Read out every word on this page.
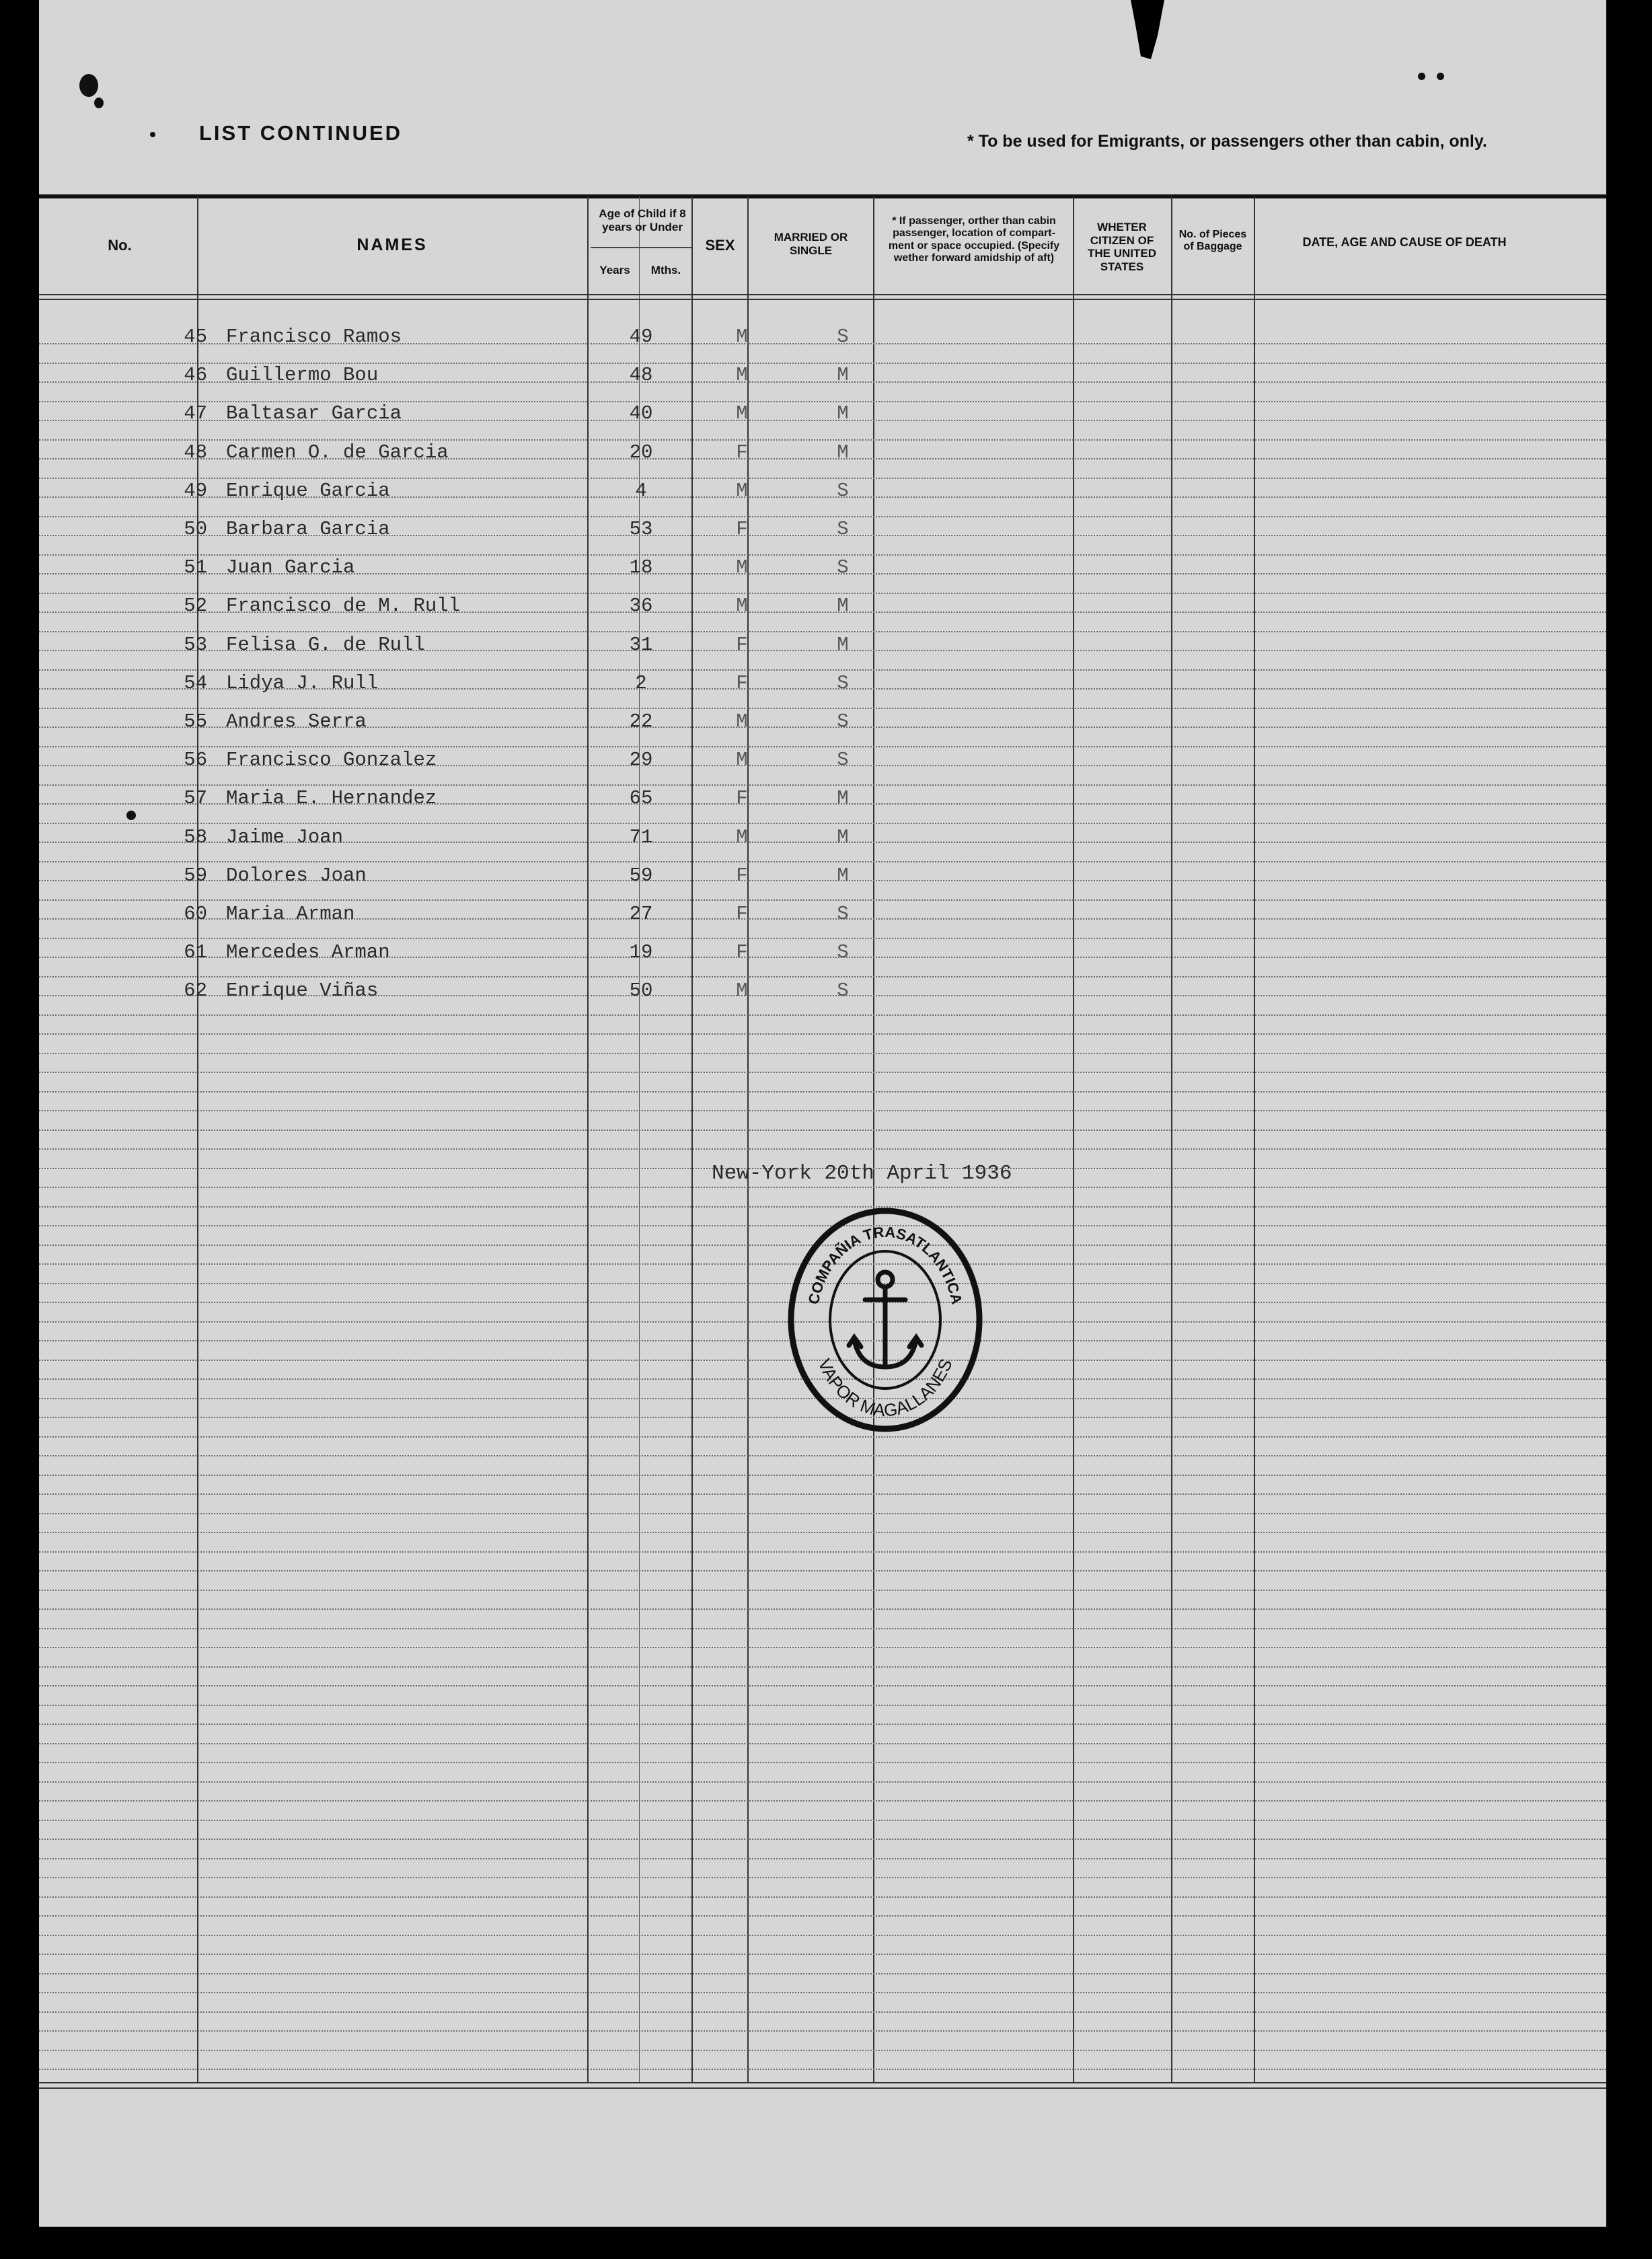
LIST CONTINUED	* To be used for Emigrants, or passengers other than cabin, only.
No.	NAMES
Age of Child if 8 years or Under
Years	Mths.
SEX	MARRIED OR SINGLE
* If passenger, orther than cabin passenger, location of compart-ment or space occupied. (Specify wether forward amidship of aft)
WHETER CITIZEN OF THE UNITED STATES
No. of Pieces of Baggage	DATE, AGE AND CAUSE OF DEATH
45 Francisco Ramos	49	M	S
46 Guillermo Bou	48	M	M
47 Baltasar Garcia	40	M	M
48 Carmen O. de Garcia	20	F	M
49 Enrique Garcia	4	M	S
50 Barbara Garcia	53	F	S
51 Juan Garcia	18	M	S
52 Francisco de M. Rull	36	M	M
53 Felisa G. de Rull	31	F	M
54 Lidya J. Rull	2	F	S
55 Andres Serra	22	M	S
56 Francisco Gonzalez	29	M	S
57 Maria E. Hernandez	65	F	M
58 Jaime Joan	71	M	M
59 Dolores Joan	59	F	M
60 Maria Arman	27	F	S
61 Mercedes Arman	19	F	S
62 Enrique Viñas	50	M	S
New-York 20th April 1936
COMPAÑIA TRASATLANTICA
VAPOR MAGALLANES
